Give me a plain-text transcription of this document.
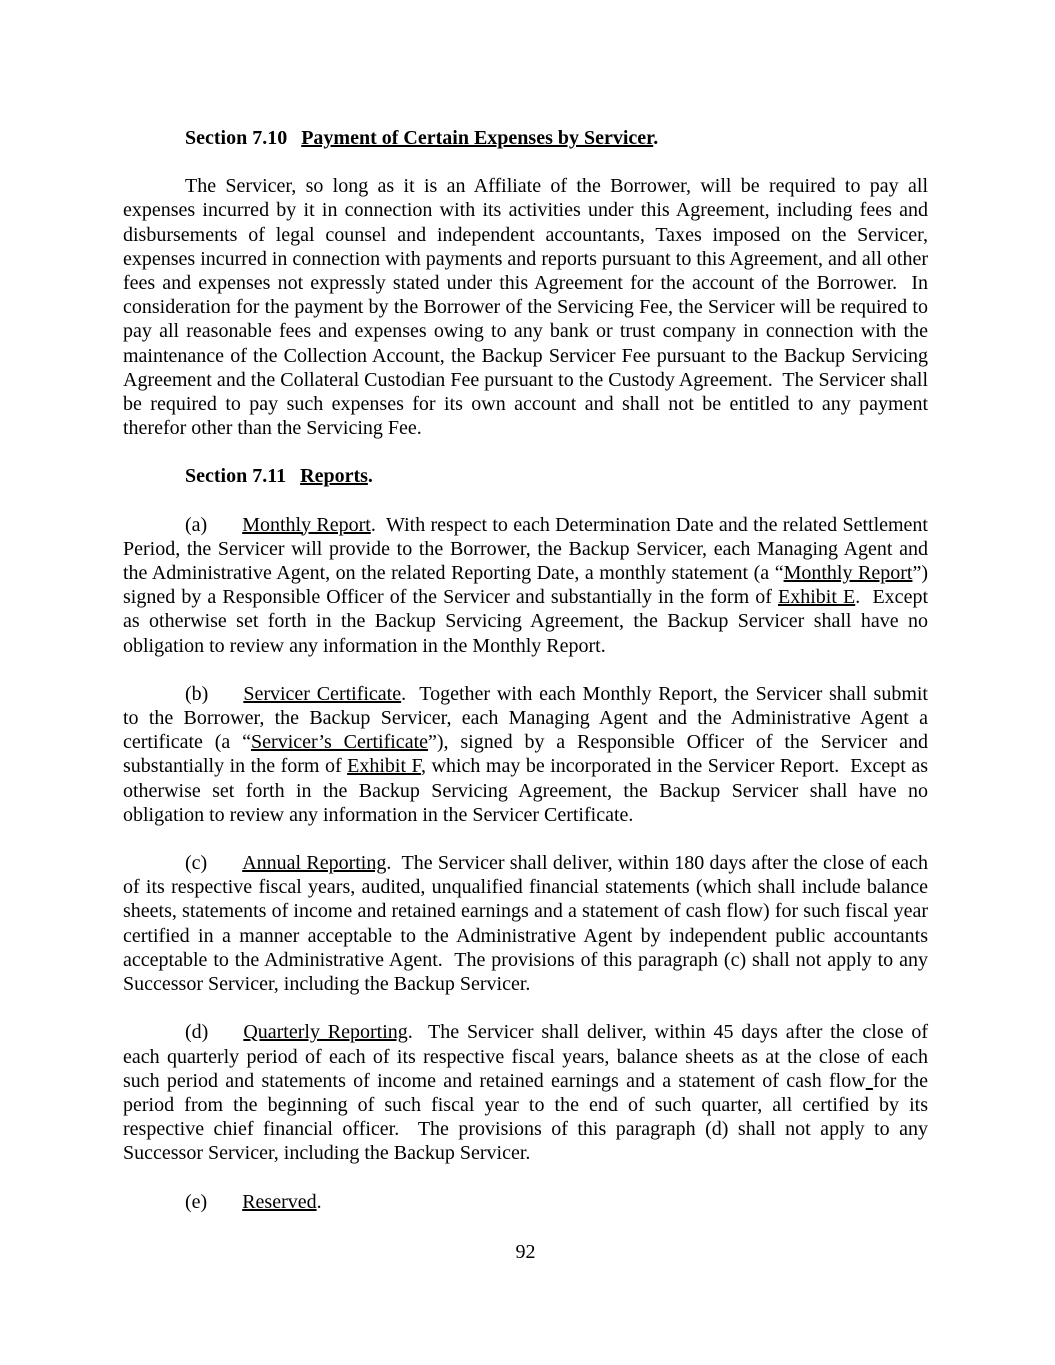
Section 7.10 Payment of Certain Expenses by Servicer.

The Servicer, so long as it is an Affiliate of the Borrower, will be required to pay all expenses incurred by it in connection with its activities under this Agreement, including fees and disbursements of legal counsel and independent accountants, Taxes imposed on the Servicer, expenses incurred in connection with payments and reports pursuant to this Agreement, and all other fees and expenses not expressly stated under this Agreement for the account of the Borrower.  In consideration for the payment by the Borrower of the Servicing Fee, the Servicer will be required to pay all reasonable fees and expenses owing to any bank or trust company in connection with the maintenance of the Collection Account, the Backup Servicer Fee pursuant to the Backup Servicing Agreement and the Collateral Custodian Fee pursuant to the Custody Agreement.  The Servicer shall be required to pay such expenses for its own account and shall not be entitled to any payment therefor other than the Servicing Fee.

Section 7.11 Reports.

(a) Monthly Report.  With respect to each Determination Date and the related Settlement Period, the Servicer will provide to the Borrower, the Backup Servicer, each Managing Agent and the Administrative Agent, on the related Reporting Date, a monthly statement (a “Monthly Report”) signed by a Responsible Officer of the Servicer and substantially in the form of Exhibit E.  Except as otherwise set forth in the Backup Servicing Agreement, the Backup Servicer shall have no obligation to review any information in the Monthly Report.

(b) Servicer Certificate.  Together with each Monthly Report, the Servicer shall submit to the Borrower, the Backup Servicer, each Managing Agent and the Administrative Agent a certificate (a “Servicer’s Certificate”), signed by a Responsible Officer of the Servicer and substantially in the form of Exhibit F, which may be incorporated in the Servicer Report.  Except as otherwise set forth in the Backup Servicing Agreement, the Backup Servicer shall have no obligation to review any information in the Servicer Certificate.

(c) Annual Reporting.  The Servicer shall deliver, within 180 days after the close of each of its respective fiscal years, audited, unqualified financial statements (which shall include balance sheets, statements of income and retained earnings and a statement of cash flow) for such fiscal year certified in a manner acceptable to the Administrative Agent by independent public accountants acceptable to the Administrative Agent.  The provisions of this paragraph (c) shall not apply to any Successor Servicer, including the Backup Servicer.

(d) Quarterly Reporting.  The Servicer shall deliver, within 45 days after the close of each quarterly period of each of its respective fiscal years, balance sheets as at the close of each such period and statements of income and retained earnings and a statement of cash flow for the period from the beginning of such fiscal year to the end of such quarter, all certified by its respective chief financial officer.  The provisions of this paragraph (d) shall not apply to any Successor Servicer, including the Backup Servicer.

(e) Reserved.

92
